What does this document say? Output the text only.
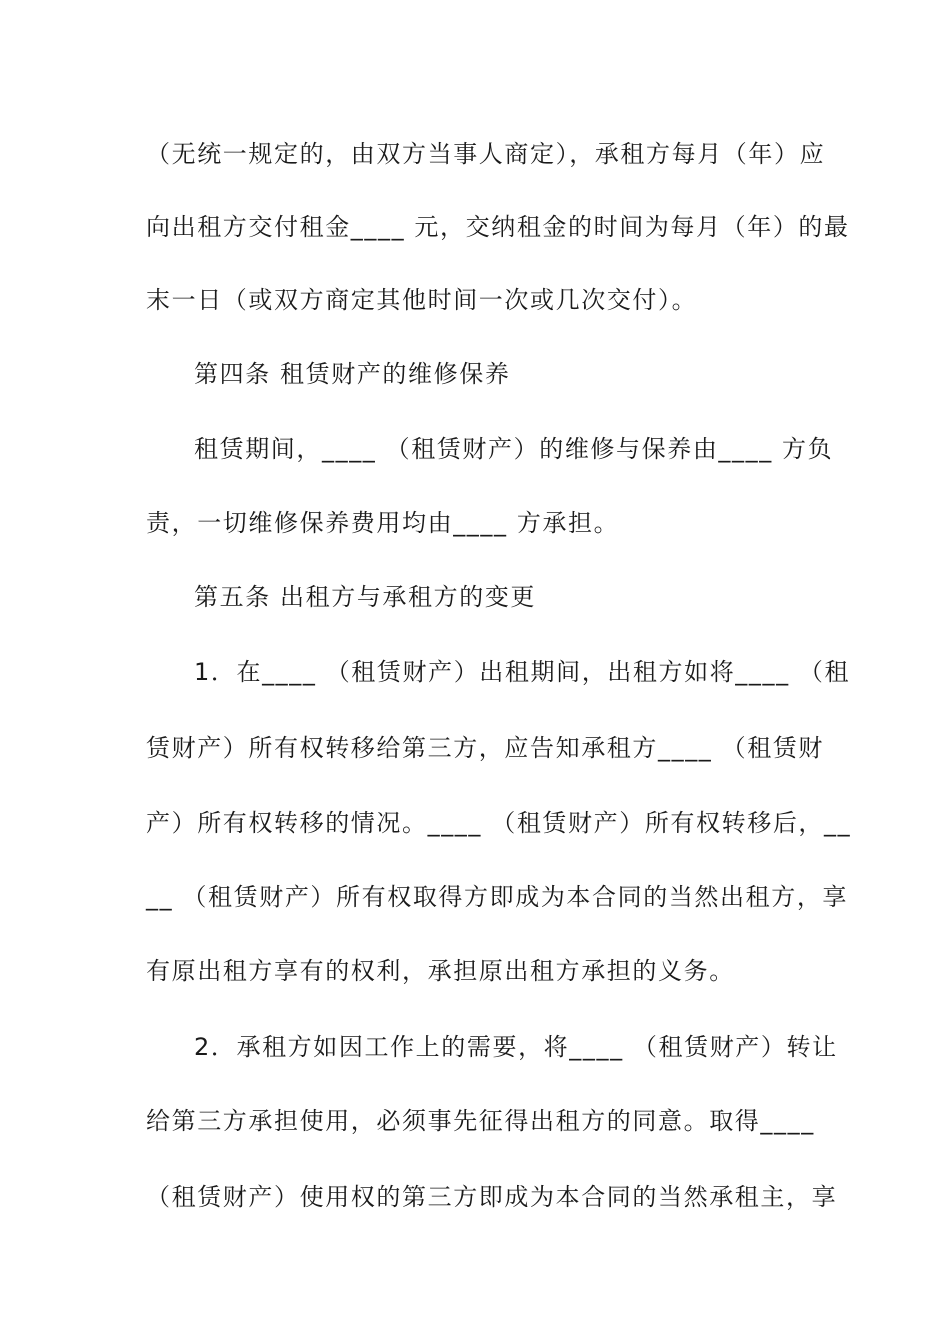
（无统一规定的，由双方当事人商定），承租方每月（年）应
向出租方交付租金____ 元，交纳租金的时间为每月（年）的最
末一日（或双方商定其他时间一次或几次交付）。
第四条 租赁财产的维修保养
租赁期间，____ （租赁财产）的维修与保养由____ 方负
责，一切维修保养费用均由____ 方承担。
第五条 出租方与承租方的变更
1．在____ （租赁财产）出租期间，出租方如将____ （租
赁财产）所有权转移给第三方，应告知承租方____ （租赁财
产）所有权转移的情况。____ （租赁财产）所有权转移后，__
__ （租赁财产）所有权取得方即成为本合同的当然出租方，享
有原出租方享有的权利，承担原出租方承担的义务。
2．承租方如因工作上的需要，将____ （租赁财产）转让
给第三方承担使用，必须事先征得出租方的同意。取得____
（租赁财产）使用权的第三方即成为本合同的当然承租主，享
